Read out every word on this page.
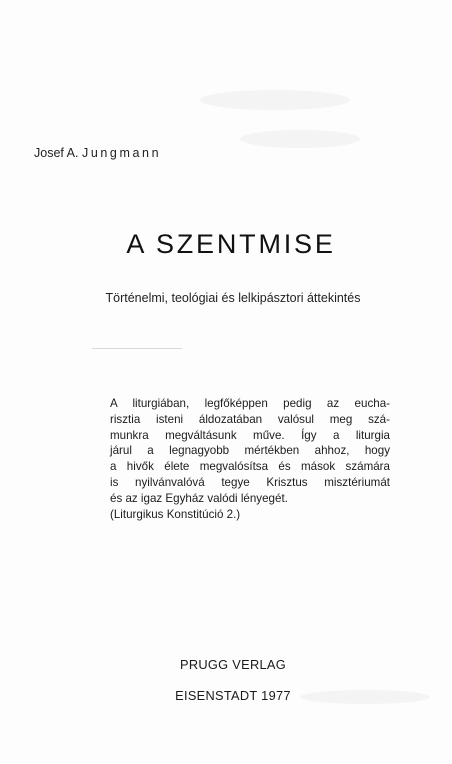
Josef A. Jungmann
A SZENTMISE
Történelmi, teológiai és lelkipásztori áttekintés
A liturgiában, legfőképpen pedig az eucha-
risztia isteni áldozatában valósul meg szá-
munkra megváltásunk műve. Így a liturgia
járul a legnagyobb mértékben ahhoz, hogy
a hivők élete megvalósítsa és mások számára
is nyilvánvalóvá tegye Krisztus misztériumát
és az igaz Egyház valódi lényegét.
(Liturgikus Konstitúció 2.)
PRUGG VERLAG
EISENSTADT 1977
